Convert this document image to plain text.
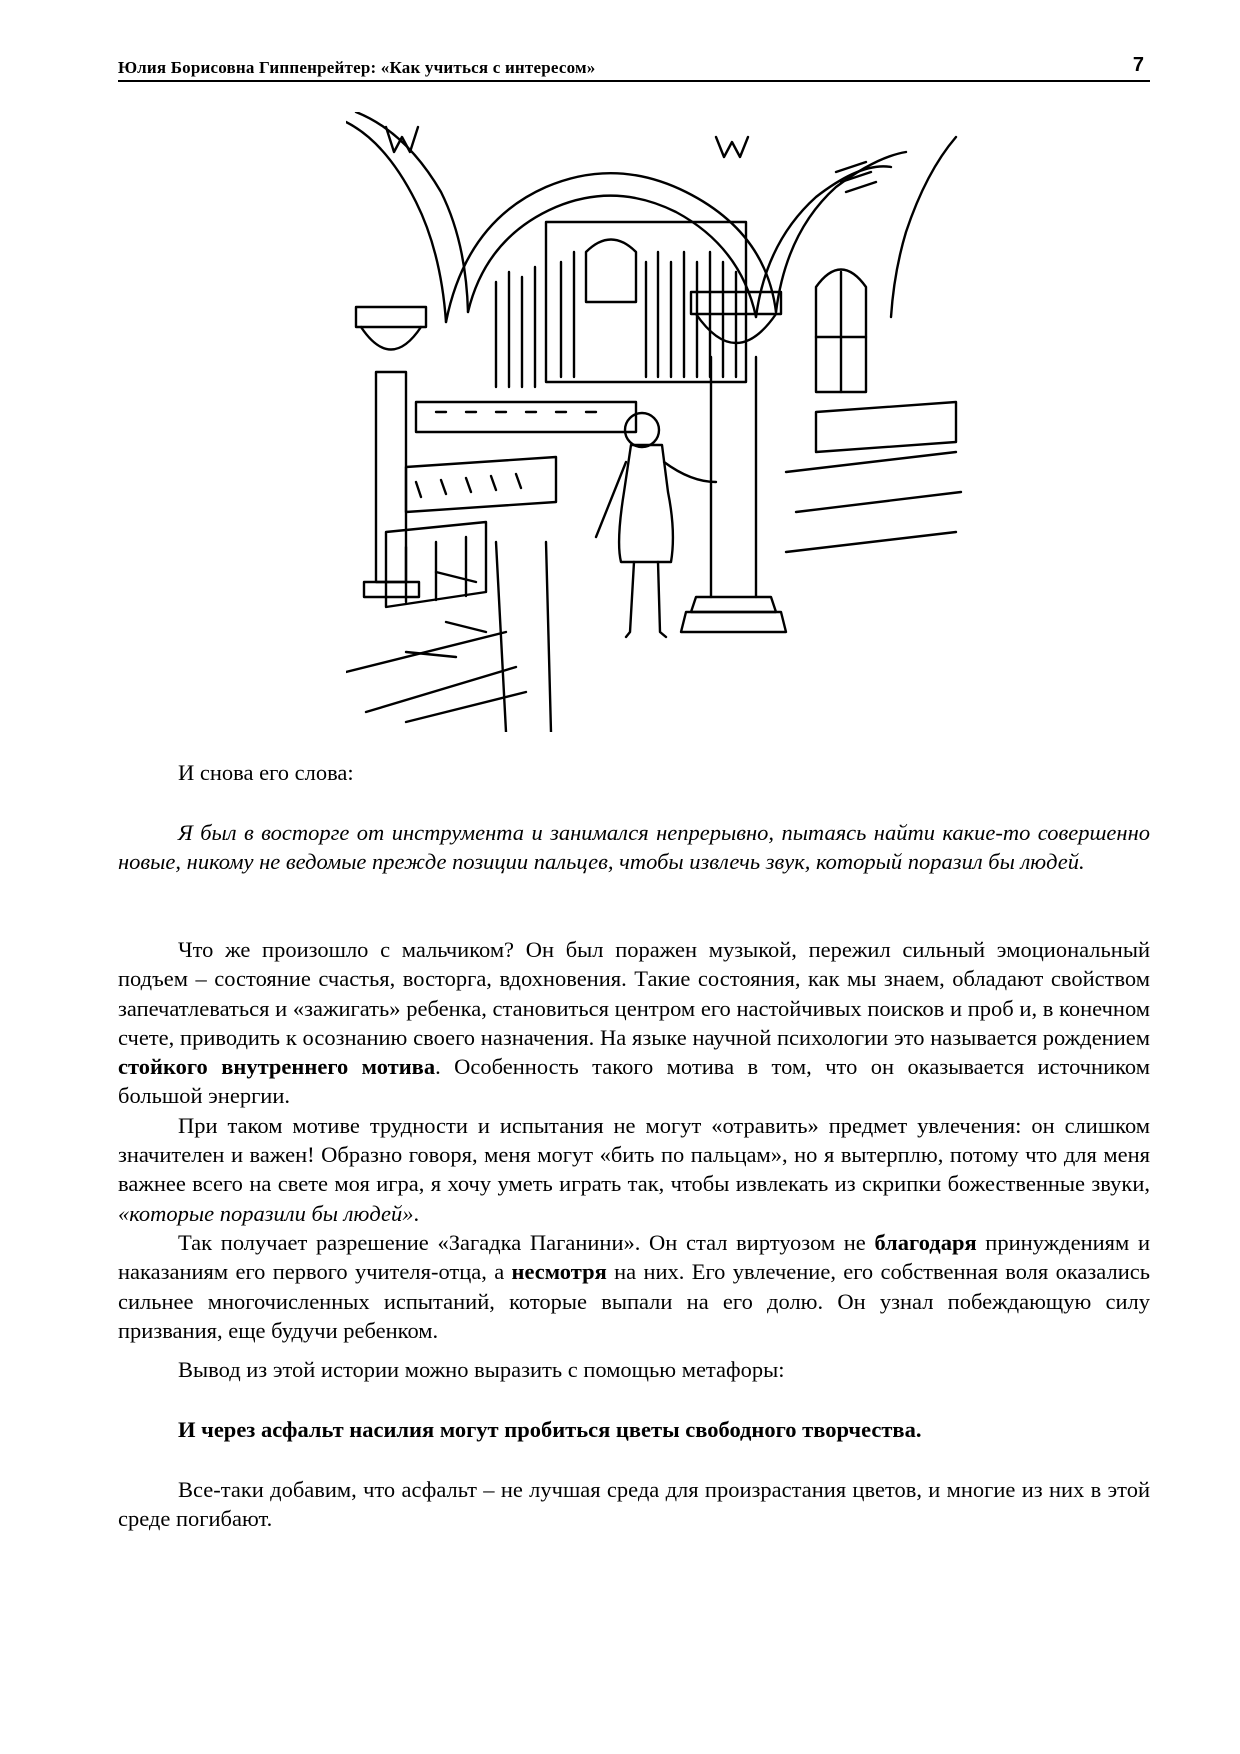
Юлия Борисовна Гиппенрейтер: «Как учиться с интересом»	7

И снова его слова:

Я был в восторге от инструмента и занимался непрерывно, пытаясь найти какие-то совершенно новые, никому не ведомые прежде позиции пальцев, чтобы извлечь звук, который поразил бы людей.

Что же произошло с мальчиком? Он был поражен музыкой, пережил сильный эмоциональный подъем – состояние счастья, восторга, вдохновения. Такие состояния, как мы знаем, обладают свойством запечатлеваться и «зажигать» ребенка, становиться центром его настойчивых поисков и проб и, в конечном счете, приводить к осознанию своего назначения. На языке научной психологии это называется рождением стойкого внутреннего мотива. Особенность такого мотива в том, что он оказывается источником большой энергии.

При таком мотиве трудности и испытания не могут «отравить» предмет увлечения: он слишком значителен и важен! Образно говоря, меня могут «бить по пальцам», но я вытерплю, потому что для меня важнее всего на свете моя игра, я хочу уметь играть так, чтобы извлекать из скрипки божественные звуки, «которые поразили бы людей».

Так получает разрешение «Загадка Паганини». Он стал виртуозом не благодаря принуждениям и наказаниям его первого учителя-отца, а несмотря на них. Его увлечение, его собственная воля оказались сильнее многочисленных испытаний, которые выпали на его долю. Он узнал побеждающую силу призвания, еще будучи ребенком.

Вывод из этой истории можно выразить с помощью метафоры:

И через асфальт насилия могут пробиться цветы свободного творчества.

Все-таки добавим, что асфальт – не лучшая среда для произрастания цветов, и многие из них в этой среде погибают.
